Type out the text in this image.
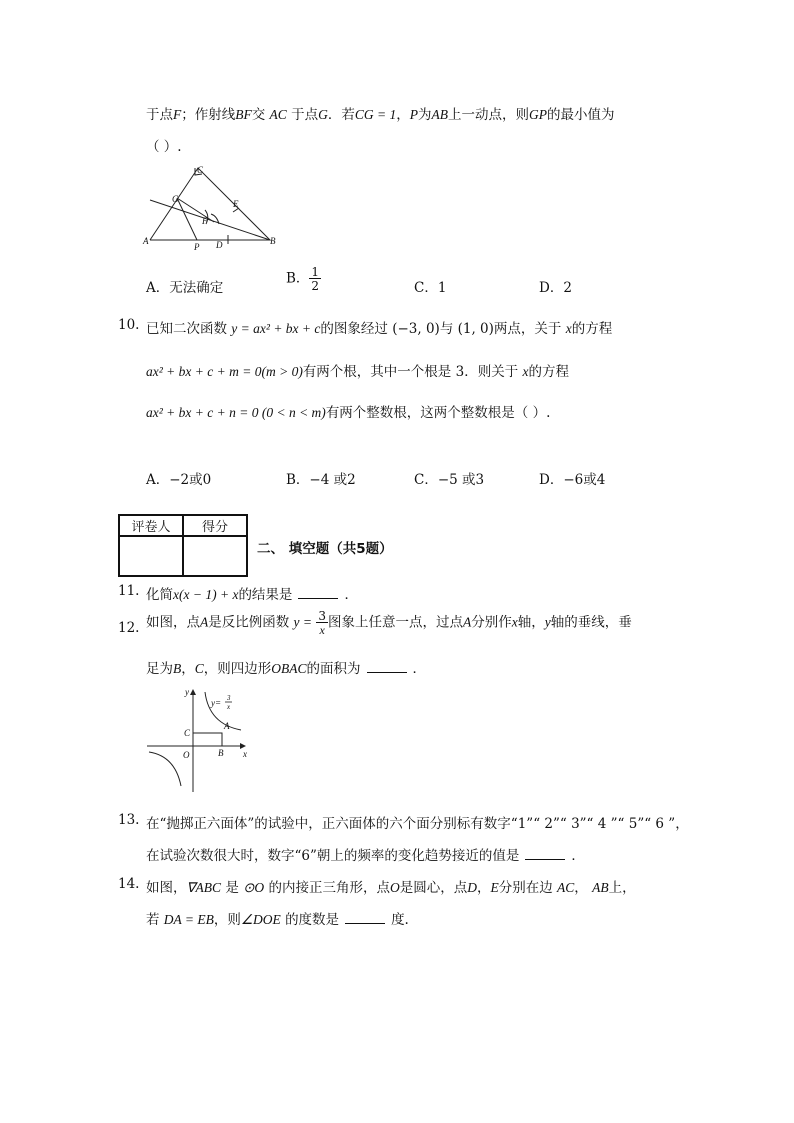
于点F；作射线BF交 AC 于点G．若CG = 1，P为AB上一动点，则GP的最小值为
（ ）.
C
G	E
F
A
P D	B
A．无法确定
B． $\frac{1}{2}$	C．1	D．2
10. 已知二次函数 y = ax² + bx + c的图象经过 (−3, 0)与 (1, 0)两点，关于 x的方程
ax² + bx + c + m = 0(m > 0)有两个根，其中一个根是 3．则关于 x的方程
ax² + bx + c + n = 0 (0 < n < m)有两个整数根，这两个整数根是（ ）.
A．−2或0	B．−4 或2	C．−5 或3	D．−6或4
评卷人	得分

二、 填空题（共5题）
11. 化简x(x − 1) + x的结果是	．
12. 如图，点A是反比例函数 $y = \frac{3}{x}$ 图象上任意一点，过点A分别作x轴，y轴的垂线，垂
足为B，C，则四边形OBAC的面积为	．
y
x
O
C
A
B
y= 3
x
13. 在“抛掷正六面体”的试验中，正六面体的六个面分别标有数字“1”“ 2”“ 3”“ 4 ”“ 5”“ 6 ”，
在试验次数很大时，数字“6”朝上的频率的变化趋势接近的值是	．
14. 如图，∇ABC 是 ⊙O 的内接正三角形，点O是圆心，点D，E分别在边 AC， AB上，
若 DA = EB，则∠DOE 的度数是	度.
